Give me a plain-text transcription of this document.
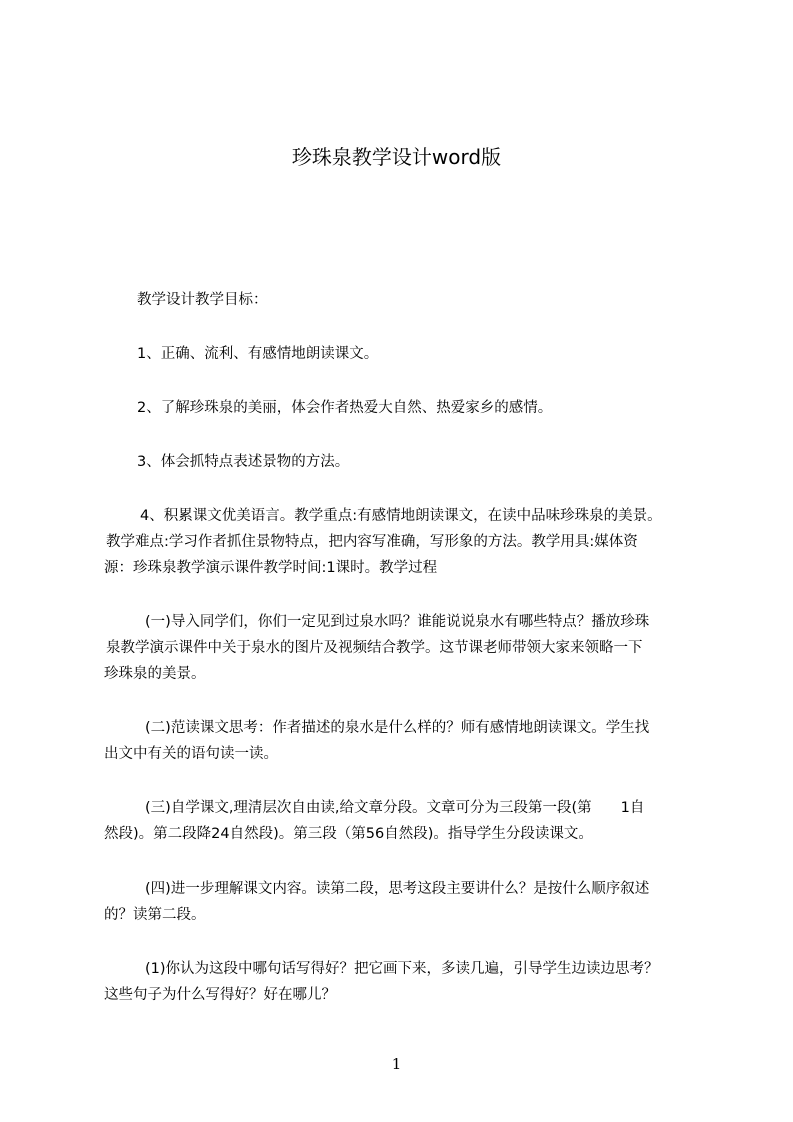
珍珠泉教学设计word版

教学设计教学目标：

1、正确、流利、有感情地朗读课文。

2、了解珍珠泉的美丽，体会作者热爱大自然、热爱家乡的感情。

3、体会抓特点表述景物的方法。

4、积累课文优美语言。教学重点:有感情地朗读课文，在读中品味珍珠泉的美景。
教学难点:学习作者抓住景物特点，把内容写准确，写形象的方法。教学用具:媒体资
源：珍珠泉教学演示课件教学时间:1课时。教学过程

(一)导入同学们，你们一定见到过泉水吗？谁能说说泉水有哪些特点？播放珍珠
泉教学演示课件中关于泉水的图片及视频结合教学。这节课老师带领大家来领略一下
珍珠泉的美景。

(二)范读课文思考：作者描述的泉水是什么样的？师有感情地朗读课文。学生找
出文中有关的语句读一读。

(三)自学课文,理清层次自由读,给文章分段。文章可分为三段第一段(第　　1自
然段)。第二段降24自然段)。第三段（第56自然段)。指导学生分段读课文。

(四)进一步理解课文内容。读第二段，思考这段主要讲什么？是按什么顺序叙述
的？读第二段。

(1)你认为这段中哪句话写得好？把它画下来，多读几遍，引导学生边读边思考？
这些句子为什么写得好？好在哪儿？

1
